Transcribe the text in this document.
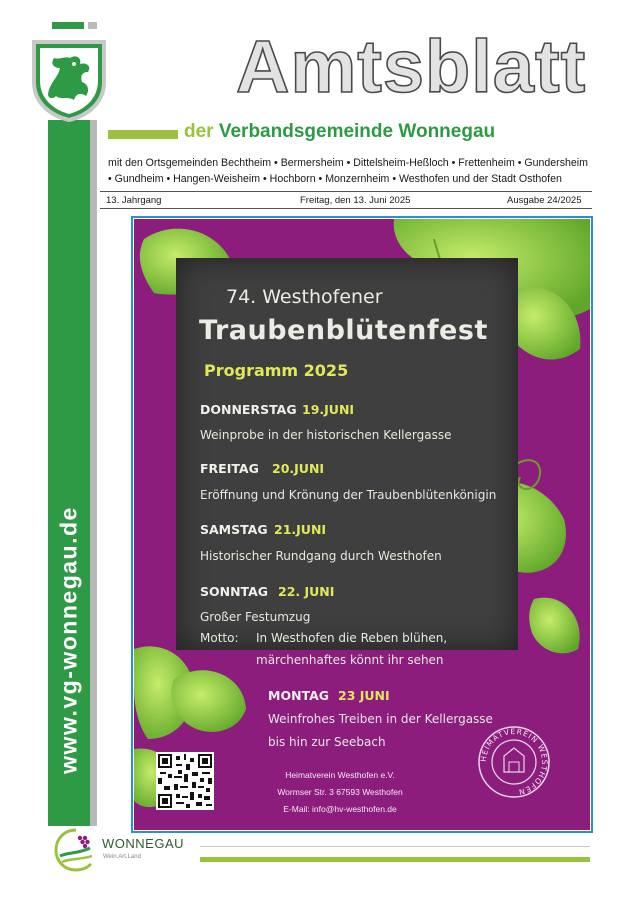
www.vg-wonnegau.de
Amtsblatt
der Verbandsgemeinde Wonnegau
mit den Ortsgemeinden Bechtheim • Bermersheim • Dittelsheim-Heßloch • Frettenheim • Gundersheim
• Gundheim • Hangen-Weisheim • Hochborn • Monzernheim • Westhofen und der Stadt Osthofen
13. Jahrgang	Freitag, den 13. Juni 2025	Ausgabe 24/2025
74. Westhofener
Traubenblütenfest
Programm 2025
DONNERSTAG 19.JUNI
Weinprobe in der historischen Kellergasse
FREITAG 20.JUNI
Eröffnung und Krönung der Traubenblütenkönigin
SAMSTAG 21.JUNI
Historischer Rundgang durch Westhofen
SONNTAG 22. JUNI
Großer Festumzug
Motto: In Westhofen die Reben blühen,
märchenhaftes könnt ihr sehen
MONTAG 23 JUNI
Weinfrohes Treiben in der Kellergasse
bis hin zur Seebach
Heimatverein Westhofen e.V.
Wormser Str. 3 67593 Westhofen
E-Mail: info@hv-westhofen.de
HEIMATVEREIN WESTHOFEN
WONNEGAU
Wein.Art.Land
